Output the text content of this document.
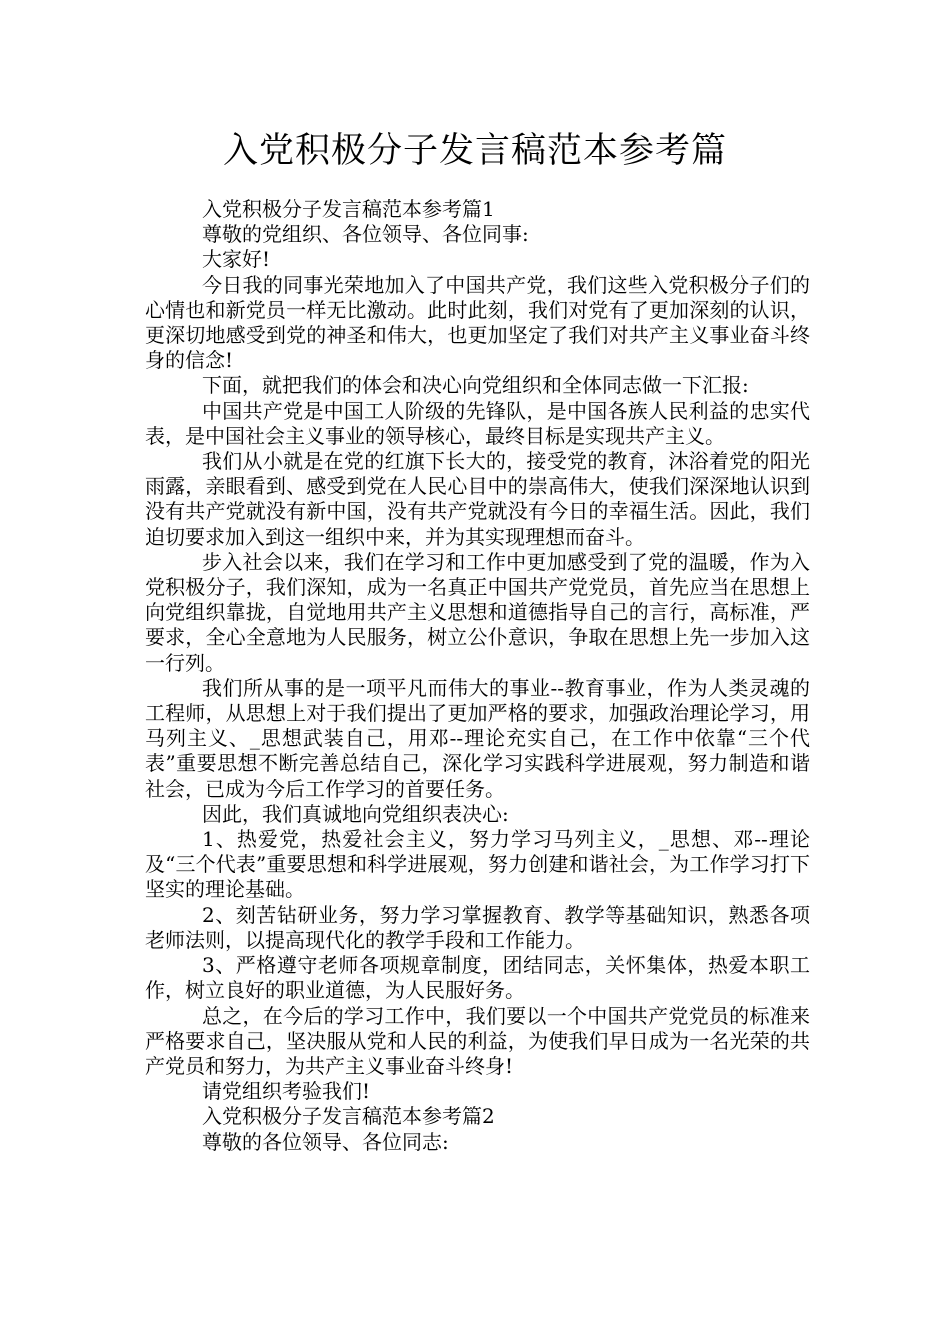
入党积极分子发言稿范本参考篇

入党积极分子发言稿范本参考篇1

尊敬的党组织、各位领导、各位同事:

大家好!

今日我的同事光荣地加入了中国共产党，我们这些入党积极分子们的心情也和新党员一样无比激动。此时此刻，我们对党有了更加深刻的认识，更深切地感受到党的神圣和伟大，也更加坚定了我们对共产主义事业奋斗终身的信念!

下面，就把我们的体会和决心向党组织和全体同志做一下汇报:

中国共产党是中国工人阶级的先锋队，是中国各族人民利益的忠实代表，是中国社会主义事业的领导核心，最终目标是实现共产主义。

我们从小就是在党的红旗下长大的，接受党的教育，沐浴着党的阳光雨露，亲眼看到、感受到党在人民心目中的崇高伟大，使我们深深地认识到没有共产党就没有新中国，没有共产党就没有今日的幸福生活。因此，我们迫切要求加入到这一组织中来，并为其实现理想而奋斗。

步入社会以来，我们在学习和工作中更加感受到了党的温暖，作为入党积极分子，我们深知，成为一名真正中国共产党党员，首先应当在思想上向党组织靠拢，自觉地用共产主义思想和道德指导自己的言行，高标准，严要求，全心全意地为人民服务，树立公仆意识，争取在思想上先一步加入这一行列。

我们所从事的是一项平凡而伟大的事业--教育事业，作为人类灵魂的工程师，从思想上对于我们提出了更加严格的要求，加强政治理论学习，用马列主义、_思想武装自己，用邓--理论充实自己，在工作中依靠“三个代表”重要思想不断完善总结自己，深化学习实践科学进展观，努力制造和谐社会，已成为今后工作学习的首要任务。

因此，我们真诚地向党组织表决心:

1、热爱党，热爱社会主义，努力学习马列主义，_思想、邓--理论及“三个代表”重要思想和科学进展观，努力创建和谐社会，为工作学习打下坚实的理论基础。

2、刻苦钻研业务，努力学习掌握教育、教学等基础知识，熟悉各项老师法则，以提高现代化的教学手段和工作能力。

3、严格遵守老师各项规章制度，团结同志，关怀集体，热爱本职工作，树立良好的职业道德，为人民服好务。

总之，在今后的学习工作中，我们要以一个中国共产党党员的标准来严格要求自己，坚决服从党和人民的利益，为使我们早日成为一名光荣的共产党员和努力，为共产主义事业奋斗终身!

请党组织考验我们!

入党积极分子发言稿范本参考篇2

尊敬的各位领导、各位同志:
